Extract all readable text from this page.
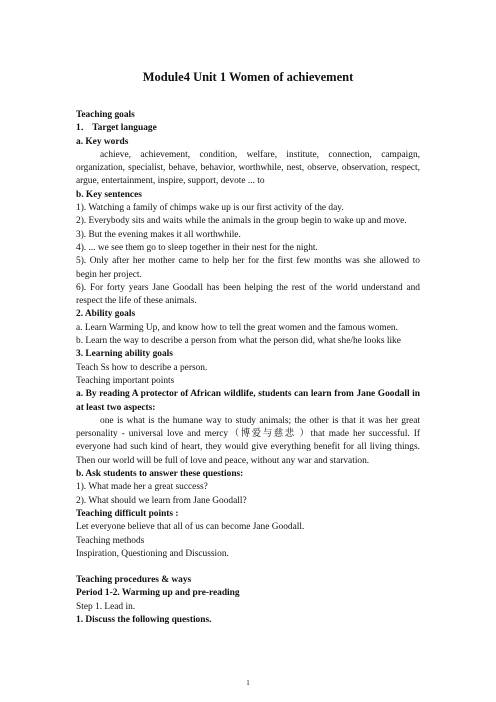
Module4 Unit 1 Women of achievement

Teaching goals

1． Target language

a. Key words

achieve, achievement, condition, welfare, institute, connection, campaign, organization, specialist, behave, behavior, worthwhile, nest, observe, observation, respect, argue, entertainment, inspire, support, devote ... to

b. Key sentences

1). Watching a family of chimps wake up is our first activity of the day.

2). Everybody sits and waits while the animals in the group begin to wake up and move.

3). But the evening makes it all worthwhile.

4). ... we see them go to sleep together in their nest for the night.

5). Only after her mother came to help her for the first few months was she allowed to begin her project.

6). For forty years Jane Goodall has been helping the rest of the world understand and respect the life of these animals.

2. Ability goals

a. Learn Warming Up, and know how to tell the great women and the famous women.

b. Learn the way to describe a person from what the person did, what she/he looks like

3. Learning ability goals

Teach Ss how to describe a person.

Teaching important points

a. By reading A protector of African wildlife, students can learn from Jane Goodall in at least two aspects:

one is what is the humane way to study animals; the other is that it was her great personality - universal love and mercy（博爱与慈悲 ）that made her successful. If everyone had such kind of heart, they would give everything benefit for all living things. Then our world will be full of love and peace, without any war and starvation.

b. Ask students to answer these questions:

1). What made her a great success?

2). What should we learn from Jane Goodall?

Teaching difficult points :

Let everyone believe that all of us can become Jane Goodall.

Teaching methods

Inspiration, Questioning and Discussion.

Teaching procedures & ways

Period 1-2. Warming up and pre-reading

Step 1. Lead in.

1. Discuss the following questions.

1
